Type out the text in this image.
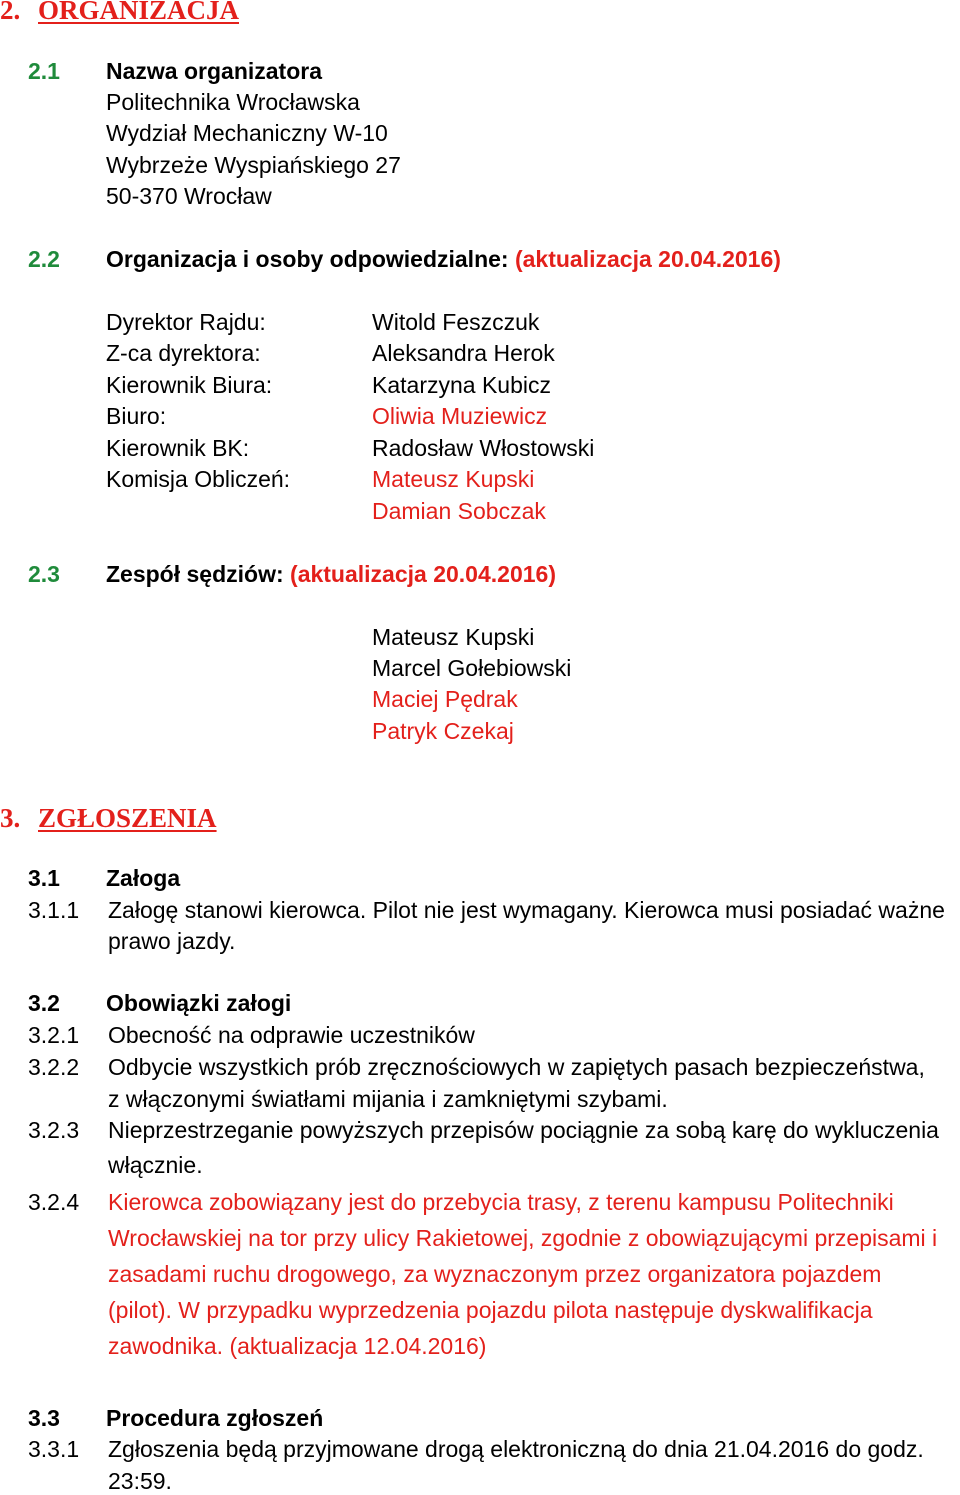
2. ORGANIZACJA
2.1 Nazwa organizatora
Politechnika Wrocławska
Wydział Mechaniczny W-10
Wybrzeże Wyspiańskiego 27
50-370 Wrocław
2.2 Organizacja i osoby odpowiedzialne: (aktualizacja 20.04.2016)
Dyrektor Rajdu:	Witold Feszczuk
Z-ca dyrektora:	Aleksandra Herok
Kierownik Biura:	Katarzyna Kubicz
Biuro:	Oliwia Muziewicz
Kierownik BK:	Radosław Włostowski
Komisja Obliczeń:	Mateusz Kupski
Damian Sobczak
2.3 Zespół sędziów: (aktualizacja 20.04.2016)
Mateusz Kupski
Marcel Gołebiowski
Maciej Pędrak
Patryk Czekaj
3. ZGŁOSZENIA
3.1 Załoga
3.1.1 Załogę stanowi kierowca. Pilot nie jest wymagany. Kierowca musi posiadać ważne
prawo jazdy.
3.2 Obowiązki załogi
3.2.1 Obecność na odprawie uczestników
3.2.2 Odbycie wszystkich prób zręcznościowych w zapiętych pasach bezpieczeństwa,
z włączonymi światłami mijania i zamkniętymi szybami.
3.2.3 Nieprzestrzeganie powyższych przepisów pociągnie za sobą karę do wykluczenia
włącznie.
3.2.4 Kierowca zobowiązany jest do przebycia trasy, z terenu kampusu Politechniki
Wrocławskiej na tor przy ulicy Rakietowej, zgodnie z obowiązującymi przepisami i
zasadami ruchu drogowego, za wyznaczonym przez organizatora pojazdem
(pilot). W przypadku wyprzedzenia pojazdu pilota następuje dyskwalifikacja
zawodnika. (aktualizacja 12.04.2016)
3.3 Procedura zgłoszeń
3.3.1 Zgłoszenia będą przyjmowane drogą elektroniczną do dnia 21.04.2016 do godz.
23:59.
